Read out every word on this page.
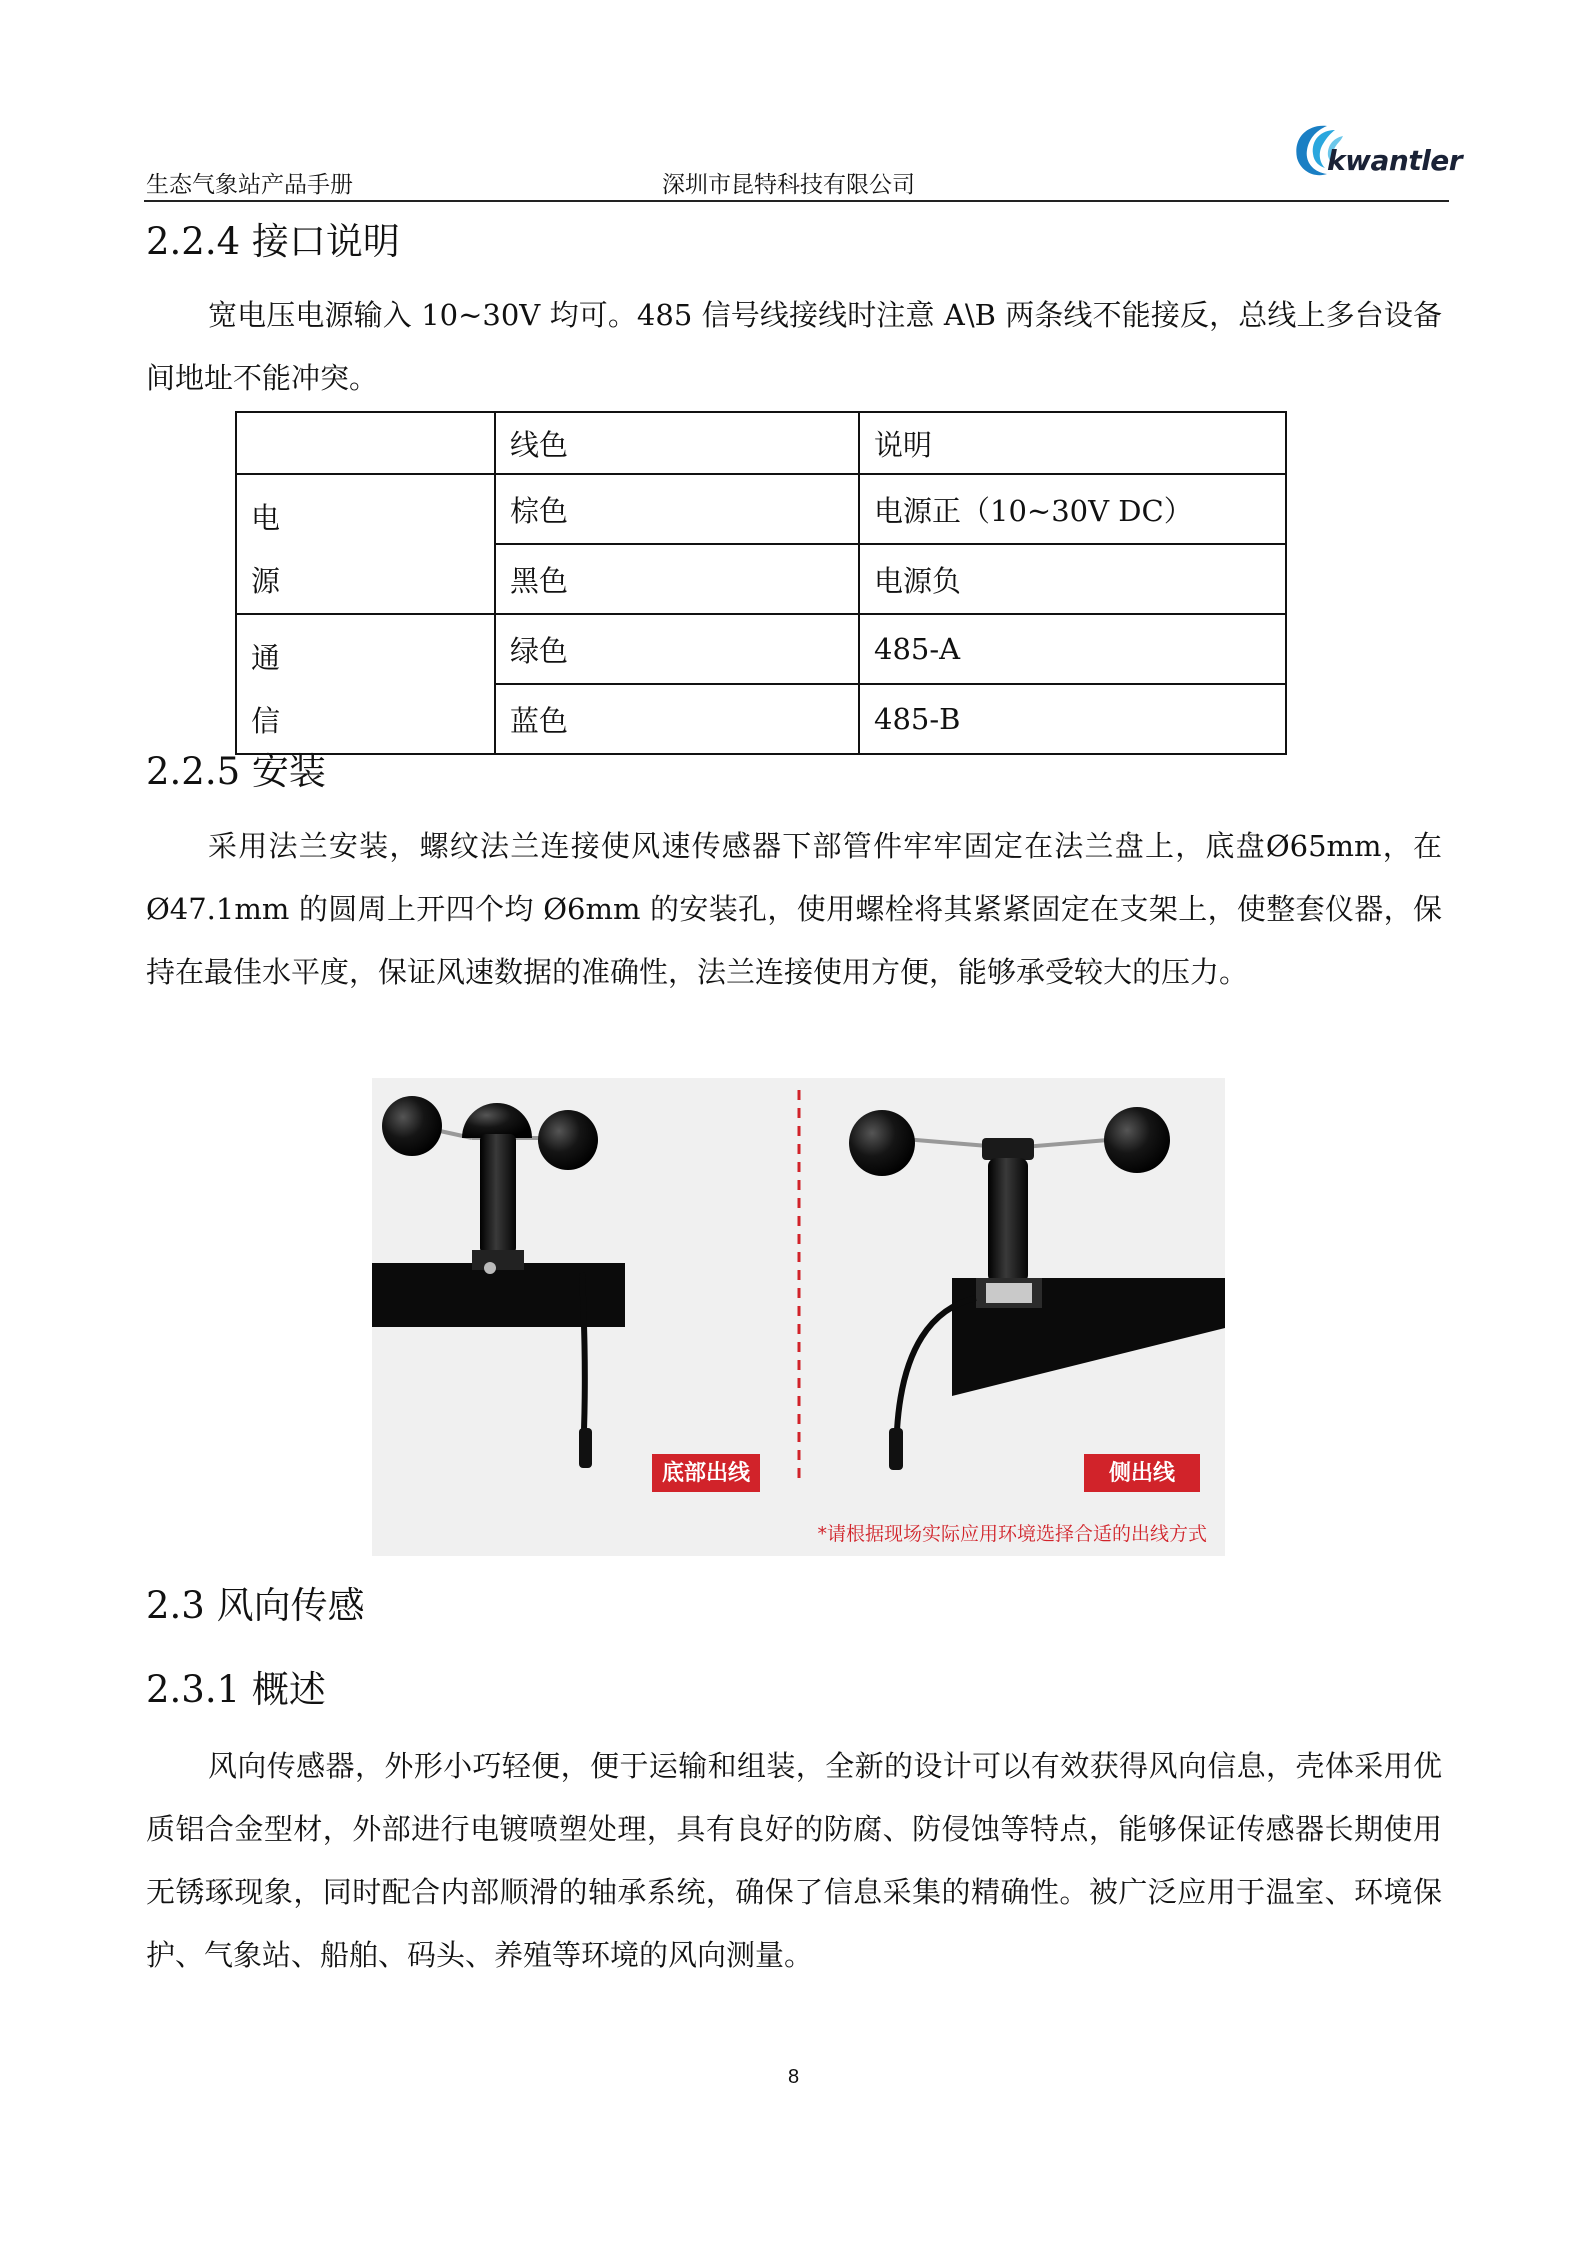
生态气象站产品手册	深圳市昆特科技有限公司
kwantler
2.2.4 接口说明

宽电压电源输入 10~30V 均可。485 信号线接线时注意 A\B 两条线不能接反，总线上多台设备间地址不能冲突。

	线色	说明

电源	棕色	电源正（10~30V DC）
	黑色	电源负

通信	绿色	485-A
	蓝色	485-B
2.2.5 安装

采用法兰安装，螺纹法兰连接使风速传感器下部管件牢牢固定在法兰盘上，底盘Ø65mm，在 Ø47.1mm 的圆周上开四个均 Ø6mm 的安装孔，使用螺栓将其紧紧固定在支架上，使整套仪器，保持在最佳水平度，保证风速数据的准确性，法兰连接使用方便，能够承受较大的压力。

底部出线	侧出线
*请根据现场实际应用环境选择合适的出线方式
2.3 风向传感
2.3.1 概述

风向传感器，外形小巧轻便，便于运输和组装，全新的设计可以有效获得风向信息，壳体采用优质铝合金型材，外部进行电镀喷塑处理，具有良好的防腐、防侵蚀等特点，能够保证传感器长期使用无锈琢现象，同时配合内部顺滑的轴承系统，确保了信息采集的精确性。被广泛应用于温室、环境保护、气象站、船舶、码头、养殖等环境的风向测量。

8
